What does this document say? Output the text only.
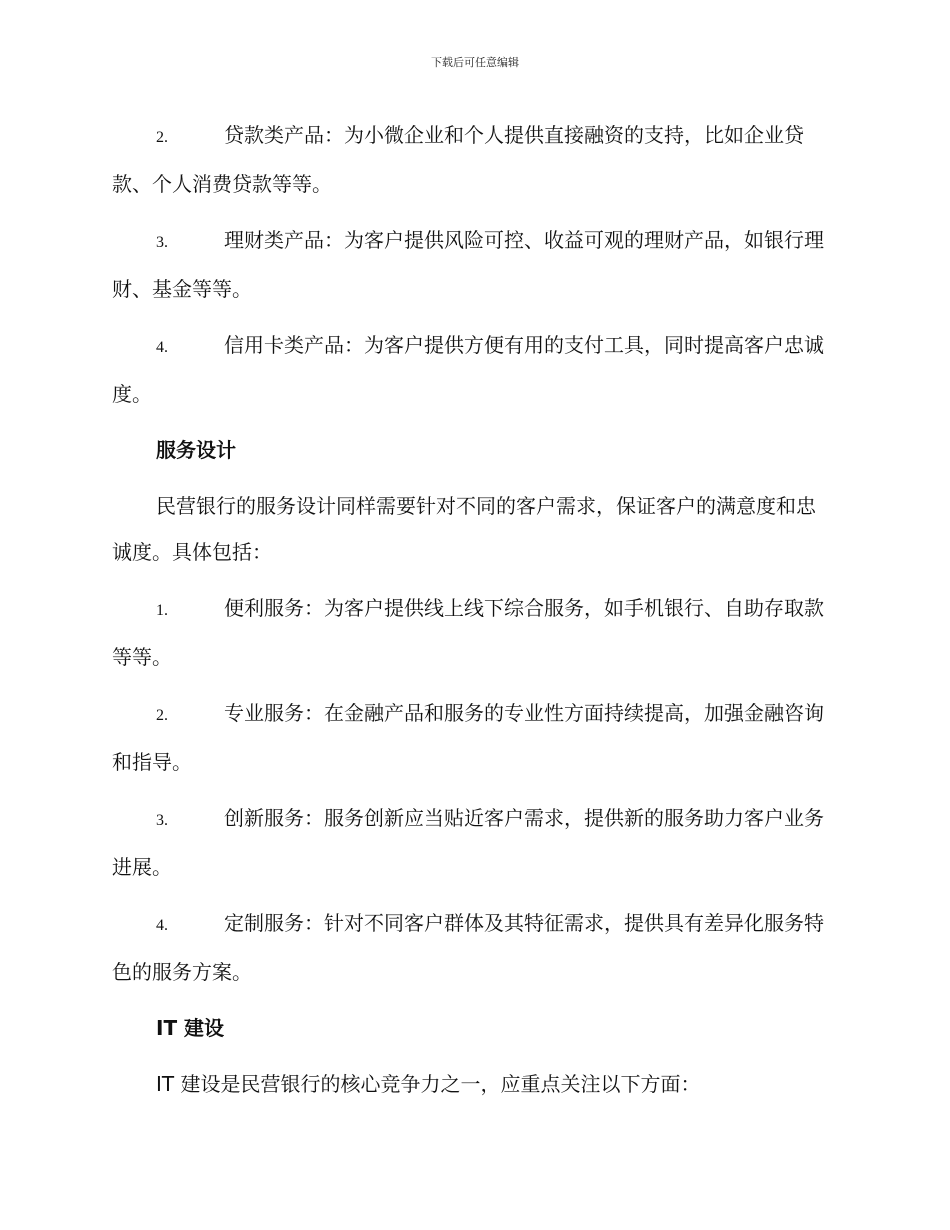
下载后可任意编辑
2.	贷款类产品：为小微企业和个人提供直接融资的支持，比如企业贷款、个人消费贷款等等。
3.	理财类产品：为客户提供风险可控、收益可观的理财产品，如银行理财、基金等等。
4.	信用卡类产品：为客户提供方便有用的支付工具，同时提高客户忠诚度。
服务设计
民营银行的服务设计同样需要针对不同的客户需求，保证客户的满意度和忠诚度。具体包括：
1.	便利服务：为客户提供线上线下综合服务，如手机银行、自助存取款等等。
2.	专业服务：在金融产品和服务的专业性方面持续提高，加强金融咨询和指导。
3.	创新服务：服务创新应当贴近客户需求，提供新的服务助力客户业务进展。
4.	定制服务：针对不同客户群体及其特征需求，提供具有差异化服务特色的服务方案。
IT 建设
IT 建设是民营银行的核心竞争力之一，应重点关注以下方面：
